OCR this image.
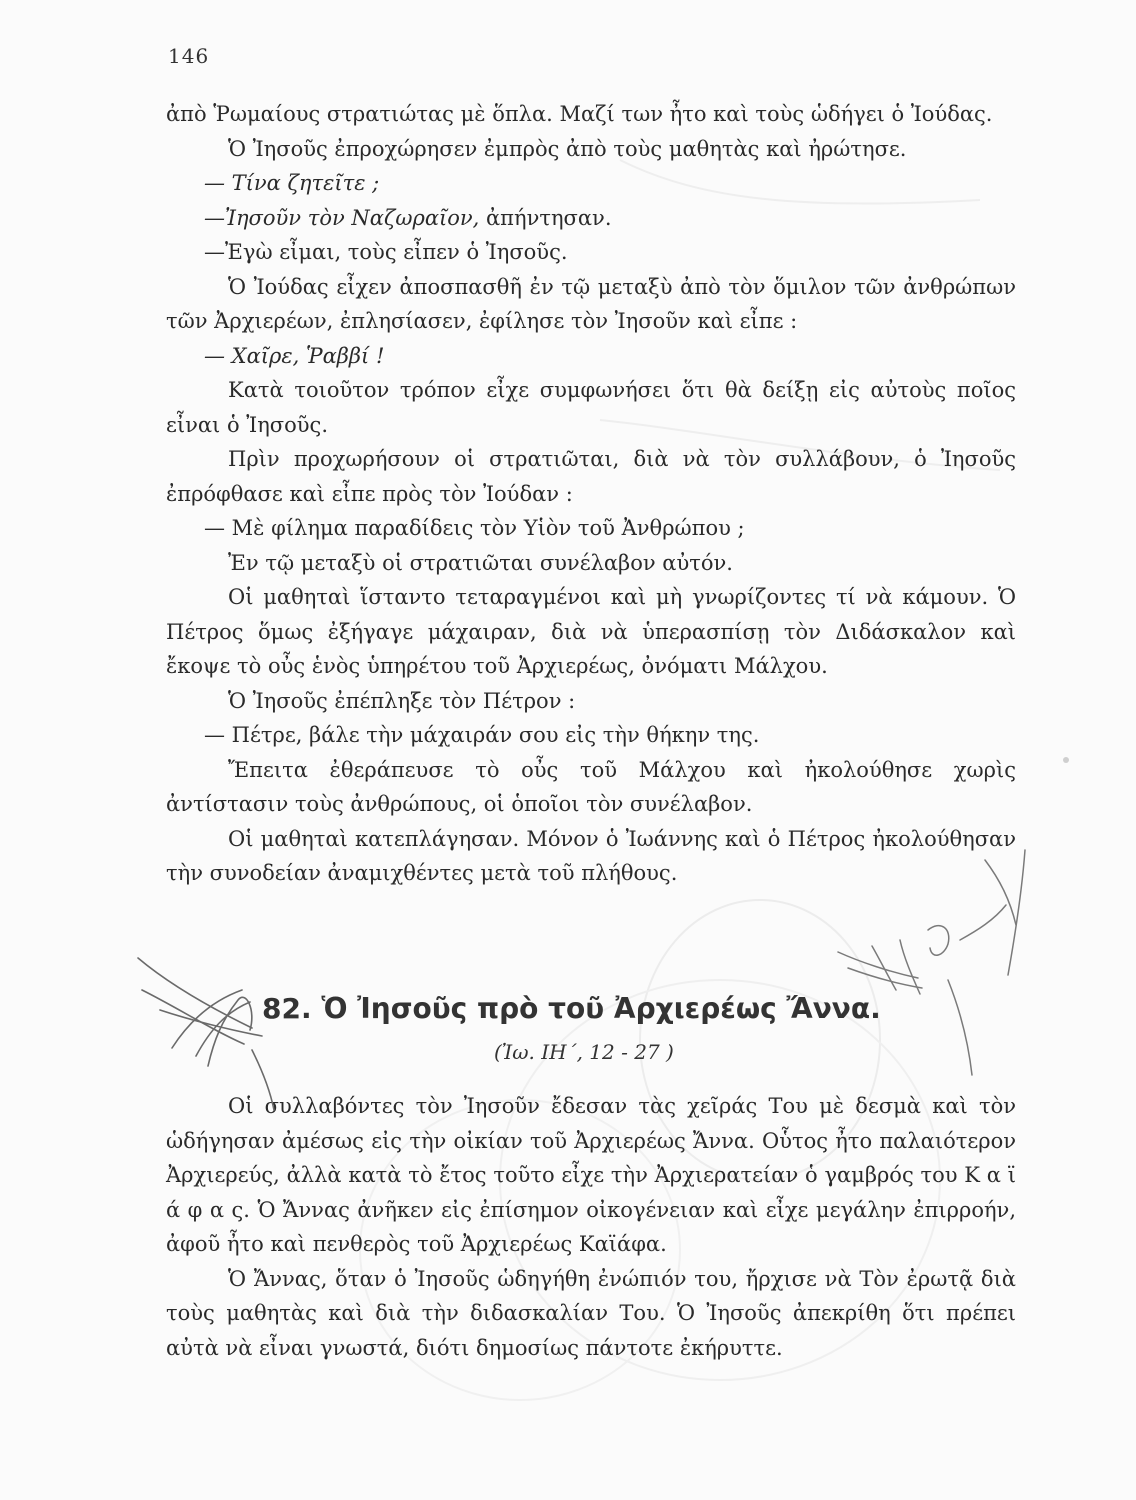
146

ἀπὸ Ῥωμαίους στρατιώτας μὲ ὅπλα. Μαζί των ἦτο καὶ τοὺς ὡδήγει ὁ Ἰούδας.

Ὁ Ἰησοῦς ἐπροχώρησεν ἐμπρὸς ἀπὸ τοὺς μαθητὰς καὶ ἠρώτησε.

— Τίνα ζητεῖτε ;

—Ἰησοῦν τὸν Ναζωραῖον, ἀπήντησαν.

—Ἐγὼ εἶμαι, τοὺς εἶπεν ὁ Ἰησοῦς.

Ὁ Ἰούδας εἶχεν ἀποσπασθῆ ἐν τῷ μεταξὺ ἀπὸ τὸν ὅμιλον τῶν ἀνθρώπων τῶν Ἀρχιερέων, ἐπλησίασεν, ἐφίλησε τὸν Ἰησοῦν καὶ εἶπε :

— Χαῖρε, Ῥαββί !

Κατὰ τοιοῦτον τρόπον εἶχε συμφωνήσει ὅτι θὰ δείξῃ εἰς αὐτοὺς ποῖος εἶναι ὁ Ἰησοῦς.

Πρὶν προχωρήσουν οἱ στρατιῶται, διὰ νὰ τὸν συλλάβουν, ὁ Ἰησοῦς ἐπρόφθασε καὶ εἶπε πρὸς τὸν Ἰούδαν :

— Μὲ φίλημα παραδίδεις τὸν Υἱὸν τοῦ Ἀνθρώπου ;

Ἐν τῷ μεταξὺ οἱ στρατιῶται συνέλαβον αὐτόν.

Οἱ μαθηταὶ ἵσταντο τεταραγμένοι καὶ μὴ γνωρίζοντες τί νὰ κάμουν. Ὁ Πέτρος ὅμως ἐξήγαγε μάχαιραν, διὰ νὰ ὑπερασπίσῃ τὸν Διδάσκαλον καὶ ἔκοψε τὸ οὖς ἑνὸς ὑπηρέτου τοῦ Ἀρχιερέως, ὀνόματι Μάλχου.

Ὁ Ἰησοῦς ἐπέπληξε τὸν Πέτρον :

— Πέτρε, βάλε τὴν μάχαιράν σου εἰς τὴν θήκην της.

Ἔπειτα ἐθεράπευσε τὸ οὖς τοῦ Μάλχου καὶ ἠκολούθησε χωρὶς ἀντίστασιν τοὺς ἀνθρώπους, οἱ ὁποῖοι τὸν συνέλαβον.

Οἱ μαθηταὶ κατεπλάγησαν. Μόνον ὁ Ἰωάννης καὶ ὁ Πέτρος ἠκολούθησαν τὴν συνοδείαν ἀναμιχθέντες μετὰ τοῦ πλήθους.

82. Ὁ Ἰησοῦς πρὸ τοῦ Ἀρχιερέως Ἄννα.
(Ἰω. ΙΗ΄, 12 - 27 )

Οἱ συλλαβόντες τὸν Ἰησοῦν ἔδεσαν τὰς χεῖράς Του μὲ δεσμὰ καὶ τὸν ὡδήγησαν ἀμέσως εἰς τὴν οἰκίαν τοῦ Ἀρχιερέως Ἄννα. Οὗτος ἦτο παλαιότερον Ἀρχιερεύς, ἀλλὰ κατὰ τὸ ἔτος τοῦτο εἶχε τὴν Ἀρχιερατείαν ὁ γαμβρός του Κ α ϊ ά φ α ς. Ὁ Ἄννας ἀνῆκεν εἰς ἐπίσημον οἰκογένειαν καὶ εἶχε μεγάλην ἐπιρροήν, ἀφοῦ ἦτο καὶ πενθερὸς τοῦ Ἀρχιερέως Καϊάφα.

Ὁ Ἄννας, ὅταν ὁ Ἰησοῦς ὡδηγήθη ἐνώπιόν του, ἤρχισε νὰ Τὸν ἐρωτᾷ διὰ τοὺς μαθητὰς καὶ διὰ τὴν διδασκαλίαν Του. Ὁ Ἰησοῦς ἀπεκρίθη ὅτι πρέπει αὐτὰ νὰ εἶναι γνωστά, διότι δημοσίως πάντοτε ἐκήρυττε.
